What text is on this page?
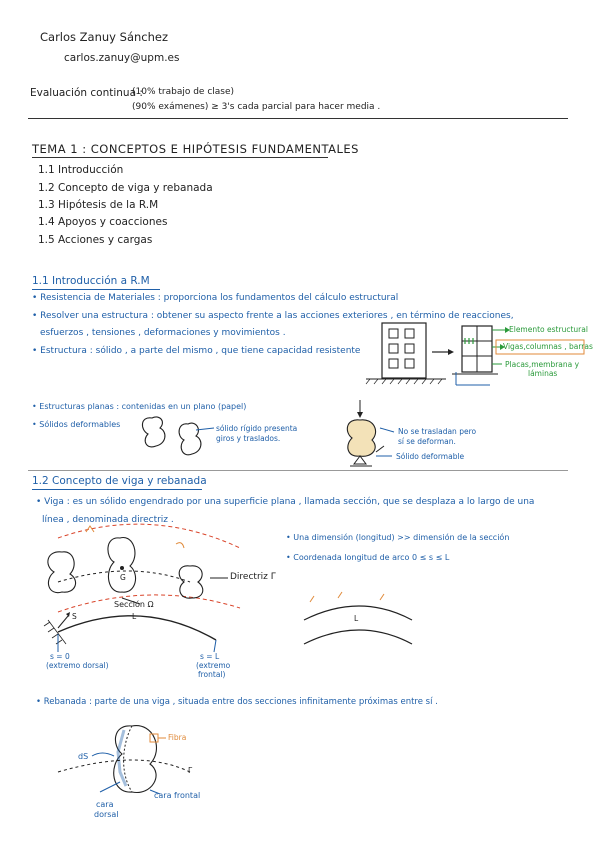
Carlos Zanuy Sánchez
carlos.zanuy@upm.es
Evaluación continua :
(10% trabajo de clase)
(90% exámenes) ≥ 3's cada parcial para hacer media .
TEMA 1 : CONCEPTOS E HIPÓTESIS FUNDAMENTALES
1.1 Introducción
1.2 Concepto de viga y rebanada
1.3 Hipótesis de la R.M
1.4 Apoyos y coacciones
1.5 Acciones y cargas
1.1 Introducción a R.M
• Resistencia de Materiales : proporciona los fundamentos del cálculo estructural
• Resolver una estructura : obtener su aspecto frente a las acciones exteriores , en término de reacciones,
esfuerzos , tensiones , deformaciones y movimientos .
• Estructura : sólido , a parte del mismo , que tiene capacidad resistente
Elemento estructural
Vigas,columnas , barras
Placas,membrana y
láminas
• Estructuras planas : contenidas en un plano (papel)
• Sólidos deformables	sólido rígido presenta
giros y traslados.
No se trasladan pero
sí se deforman.
Sólido deformable
1.2 Concepto de viga y rebanada
• Viga : es un sólido engendrado por una superficie plana , llamada sección, que se desplaza a lo largo de una
línea , denominada directriz .
• Una dimensión (longitud) >> dimensión de la sección
• Coordenada longitud de arco 0 ≤ s ≤ L
G	Directriz Γ
Sección Ω
S	L
s = 0
(extremo dorsal)
s = L
(extremo
frontal)
L
• Rebanada : parte de una viga , situada entre dos secciones infinitamente próximas entre sí .
Fibra
dS
Γ
cara frontal
cara
dorsal
